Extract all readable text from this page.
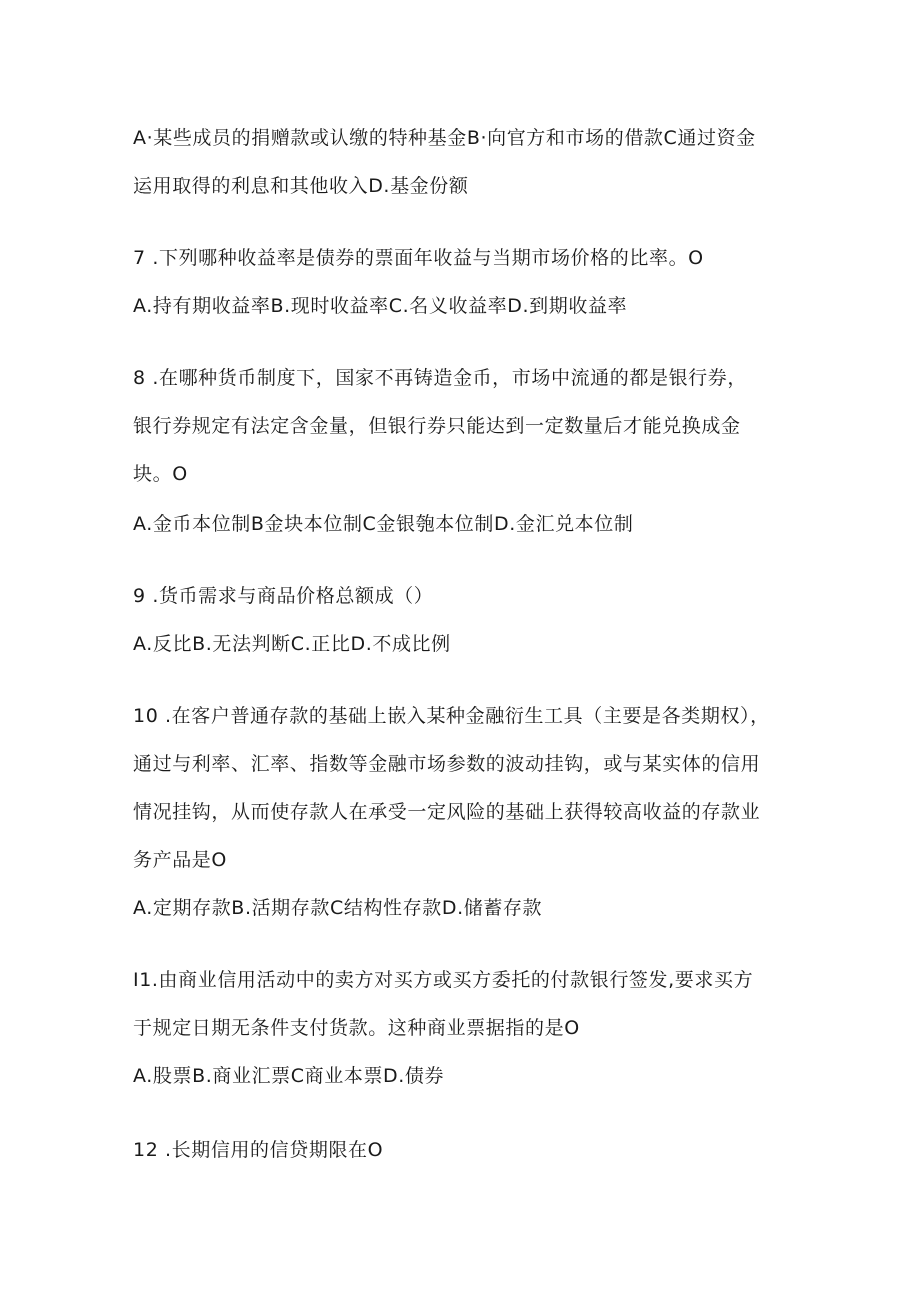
A·某些成员的捐赠款或认缴的特种基金B·向官方和市场的借款C通过资金
运用取得的利息和其他收入D.基金份额
7 .下列哪种收益率是债券的票面年收益与当期市场价格的比率。O
A.持有期收益率B.现时收益率C.名义收益率D.到期收益率
8 .在哪种货币制度下，国家不再铸造金币，市场中流通的都是银行券，
银行券规定有法定含金量，但银行券只能达到一定数量后才能兑换成金
块。O
A.金币本位制B金块本位制C金银匏本位制D.金汇兑本位制
9 .货币需求与商品价格总额成（）
A.反比B.无法判断C.正比D.不成比例
10 .在客户普通存款的基础上嵌入某种金融衍生工具（主要是各类期权），
通过与利率、汇率、指数等金融市场参数的波动挂钩，或与某实体的信用
情况挂钩，从而使存款人在承受一定风险的基础上获得较高收益的存款业
务产品是O
A.定期存款B.活期存款C结构性存款D.储蓄存款
I1.由商业信用活动中的卖方对买方或买方委托的付款银行签发,要求买方
于规定日期无条件支付货款。这种商业票据指的是O
A.股票B.商业汇票C商业本票D.债券
12 .长期信用的信贷期限在O
